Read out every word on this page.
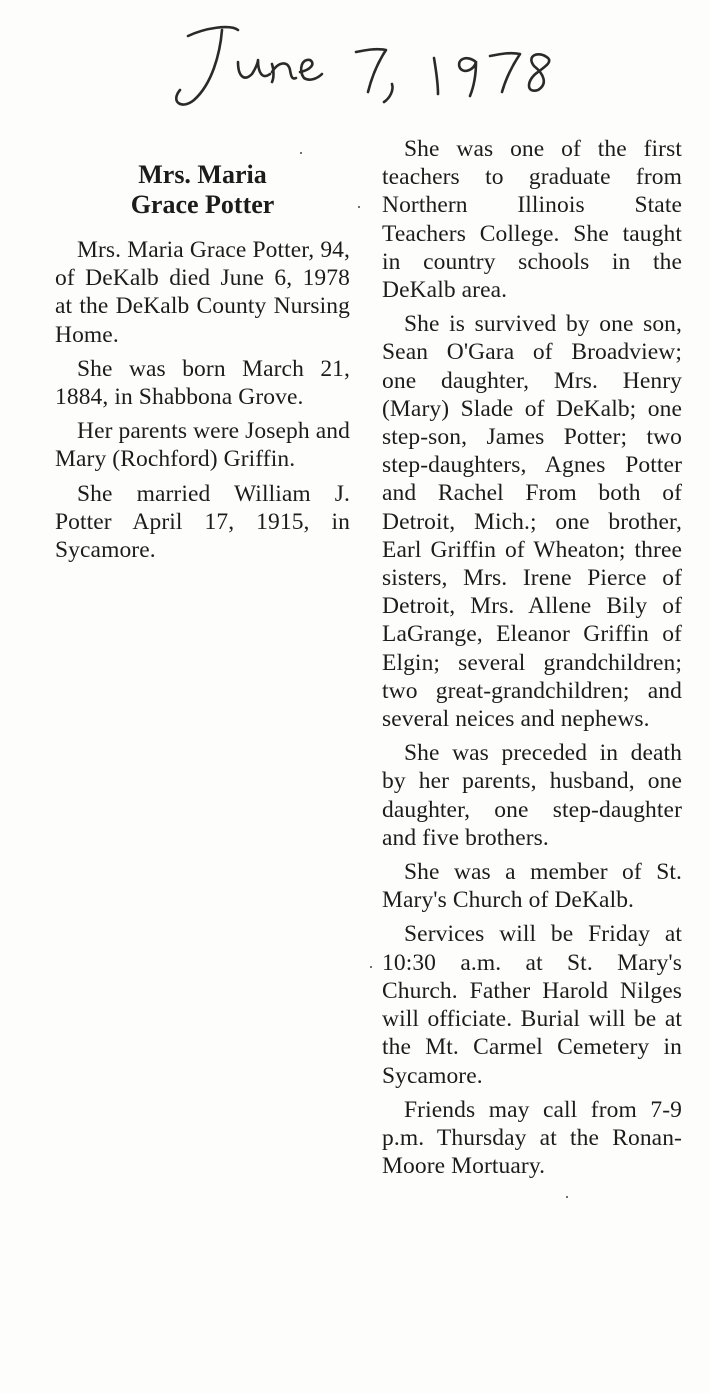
Mrs. Maria
Grace Potter

Mrs. Maria Grace Potter, 94, of DeKalb died June 6, 1978 at the DeKalb County Nursing Home.

She was born March 21, 1884, in Shabbona Grove.

Her parents were Joseph and Mary (Rochford) Griffin.

She married William J. Potter April 17, 1915, in Sycamore.

She was one of the first teachers to graduate from Northern Illinois State Teachers College. She taught in country schools in the DeKalb area.

She is survived by one son, Sean O'Gara of Broadview; one daughter, Mrs. Henry (Mary) Slade of DeKalb; one step-son, James Potter; two step-daughters, Agnes Potter and Rachel From both of Detroit, Mich.; one brother, Earl Griffin of Wheaton; three sisters, Mrs. Irene Pierce of Detroit, Mrs. Allene Bily of LaGrange, Eleanor Griffin of Elgin; several grandchildren; two great-grandchildren; and several neices and nephews.

She was preceded in death by her parents, husband, one daughter, one step-daughter and five brothers.

She was a member of St. Mary's Church of DeKalb.

Services will be Friday at 10:30 a.m. at St. Mary's Church. Father Harold Nilges will officiate. Burial will be at the Mt. Carmel Cemetery in Sycamore.

Friends may call from 7-9 p.m. Thursday at the Ronan-Moore Mortuary.
